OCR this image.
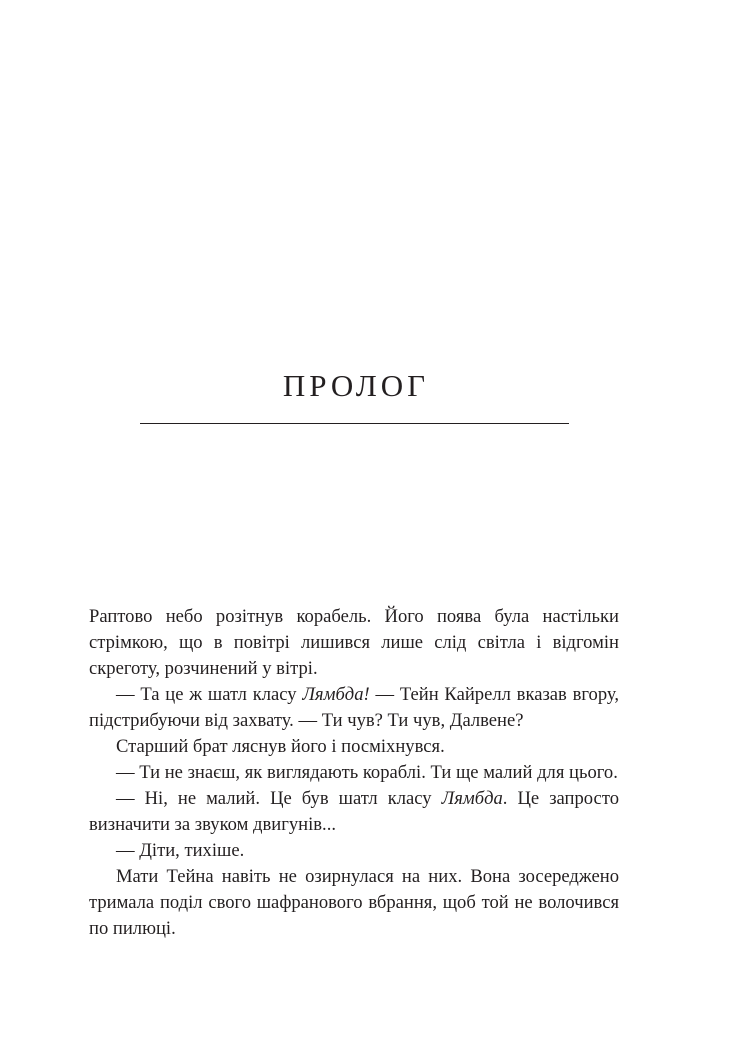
ПРОЛОГ

Раптово небо розітнув корабель. Його поява була настільки стрімкою, що в повітрі лишився лише слід світла і відгомін скреготу, розчинений у вітрі.

— Та це ж шатл класу Лямбда! — Тейн Кайрелл вказав вгору, підстрибуючи від захвату. — Ти чув? Ти чув, Далвене?

Старший брат ляснув його і посміхнувся.

— Ти не знаєш, як виглядають кораблі. Ти ще малий для цього.

— Ні, не малий. Це був шатл класу Лямбда. Це запросто визначити за звуком двигунів...

— Діти, тихіше.

Мати Тейна навіть не озирнулася на них. Вона зосереджено тримала поділ свого шафранового вбрання, щоб той не волочився по пилюці.
